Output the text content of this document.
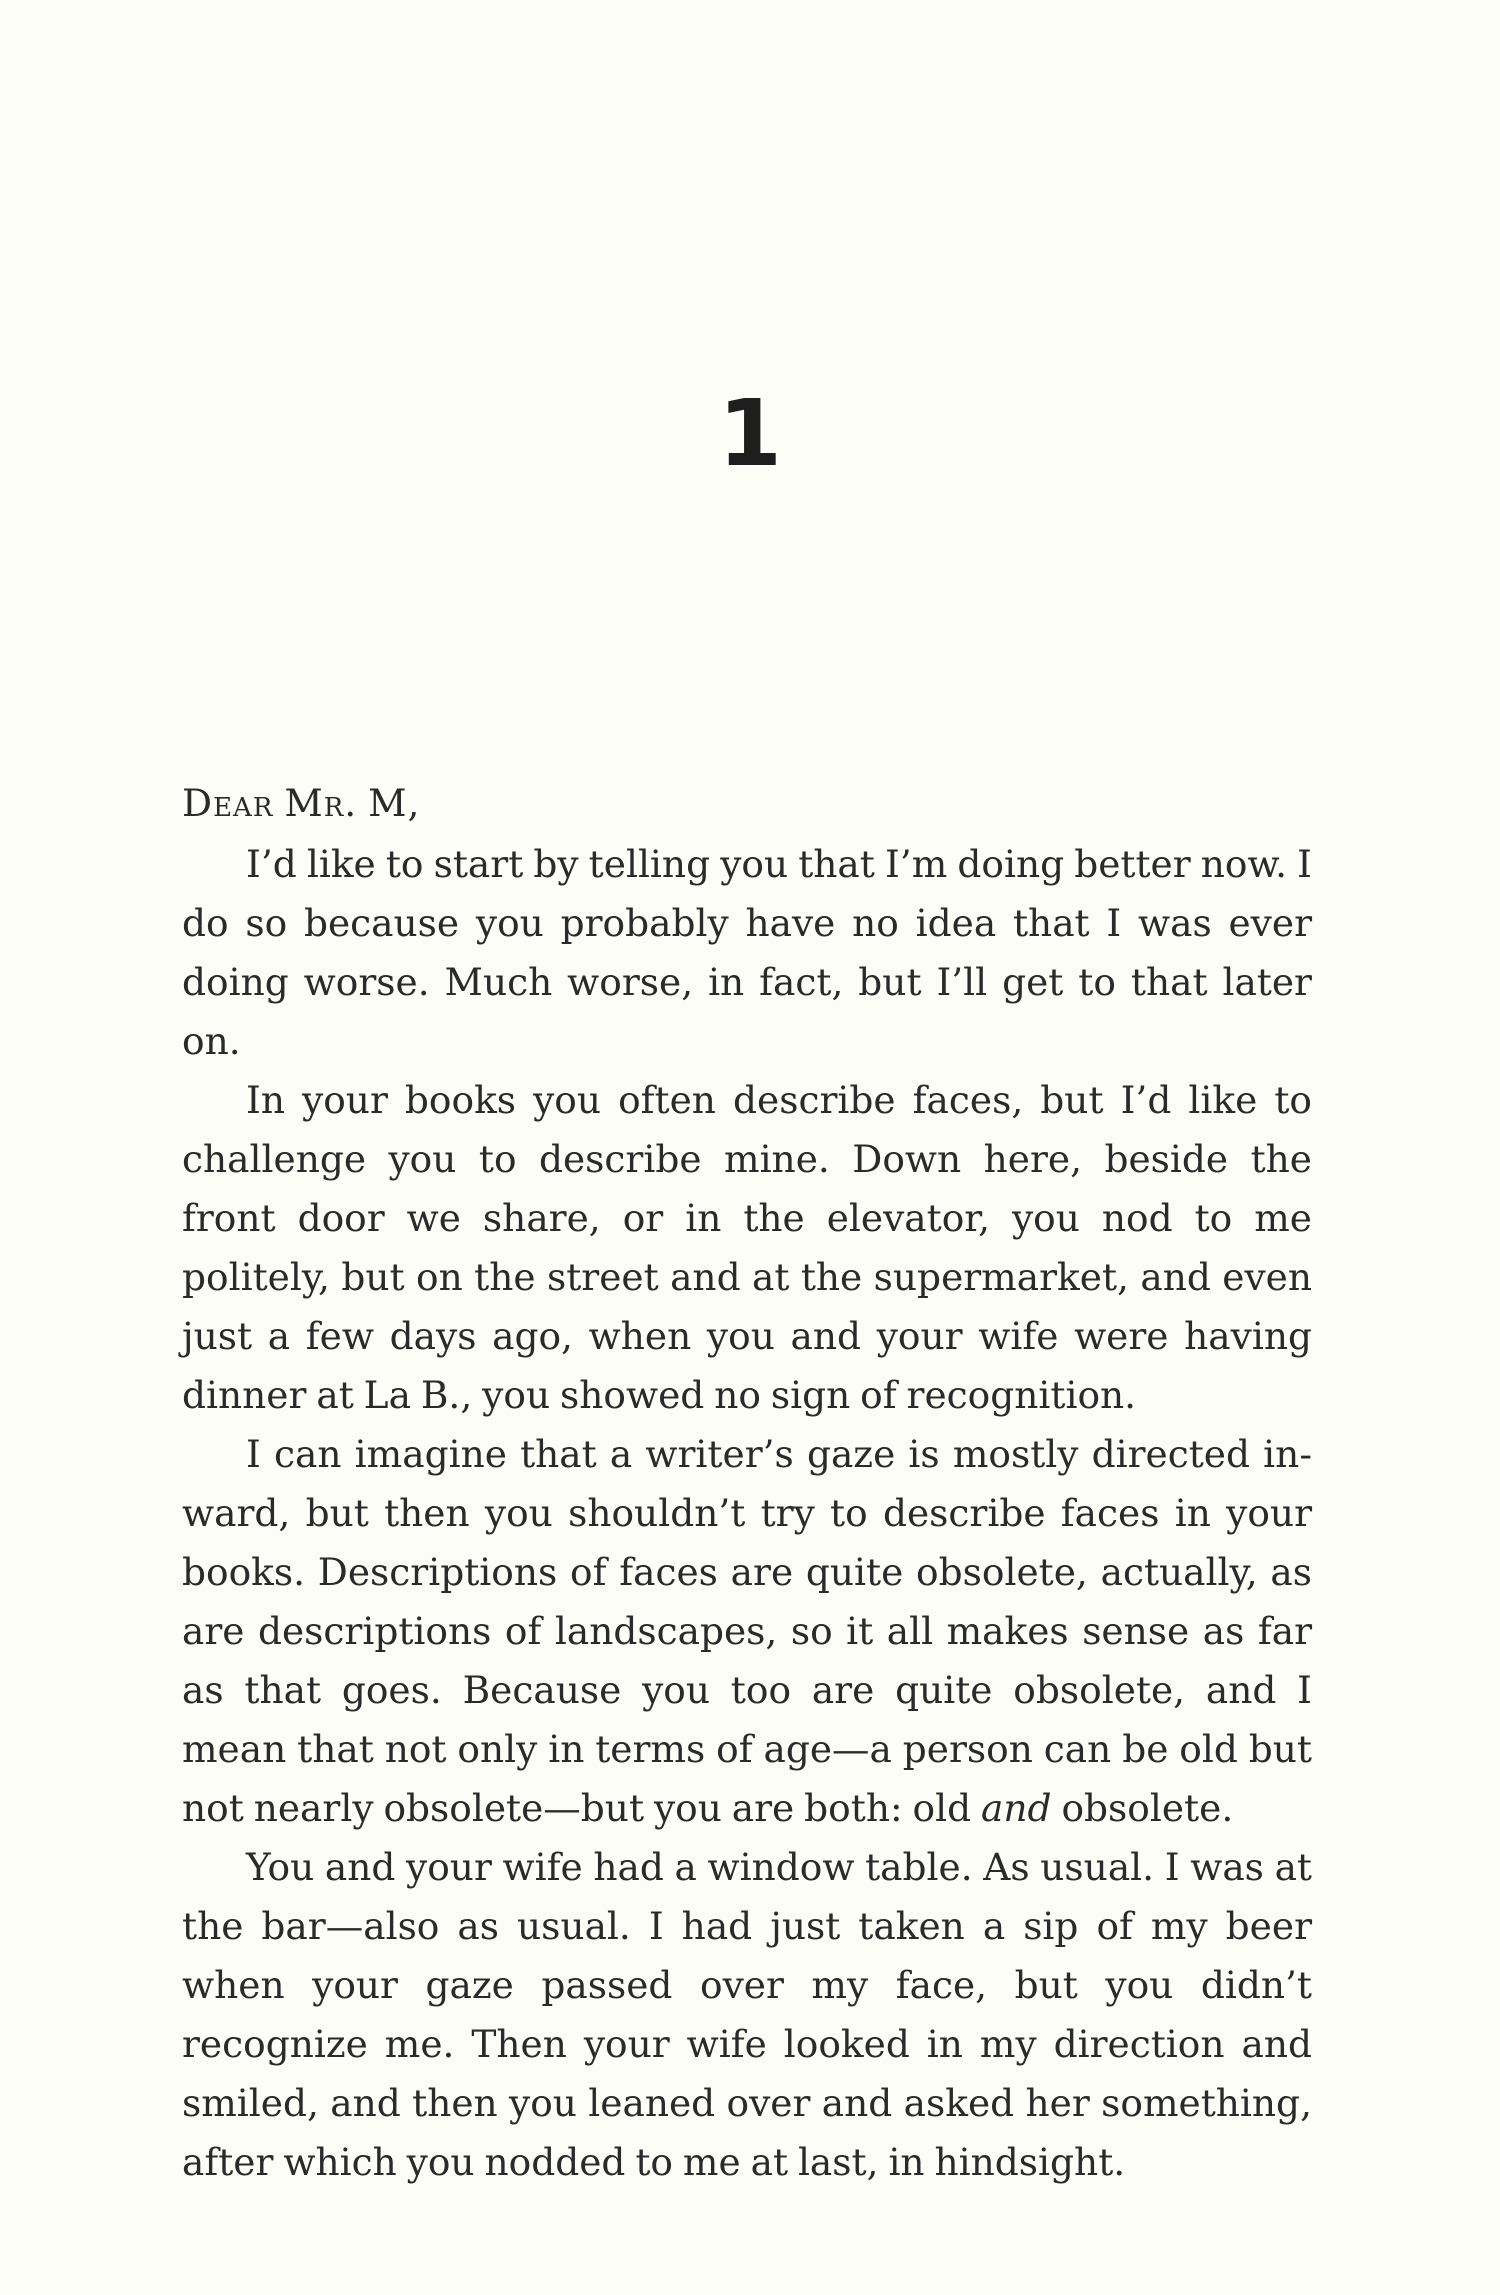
1

Dear Mr. M,

I’d like to start by telling you that I’m doing better now. I do so because you probably have no idea that I was ever doing worse. Much worse, in fact, but I’ll get to that later on.

In your books you often describe faces, but I’d like to challenge you to describe mine. Down here, beside the front door we share, or in the elevator, you nod to me politely, but on the street and at the supermarket, and even just a few days ago, when you and your wife were having dinner at La B., you showed no sign of recognition.

I can imagine that a writer’s gaze is mostly directed inward, but then you shouldn’t try to describe faces in your books. Descriptions of faces are quite obsolete, actually, as are descriptions of landscapes, so it all makes sense as far as that goes. Because you too are quite obsolete, and I mean that not only in terms of age—a person can be old but not nearly obsolete—but you are both: old and obsolete.

You and your wife had a window table. As usual. I was at the bar—also as usual. I had just taken a sip of my beer when your gaze passed over my face, but you didn’t recognize me. Then your wife looked in my direction and smiled, and then you leaned over and asked her something, after which you nodded to me at last, in hindsight.
